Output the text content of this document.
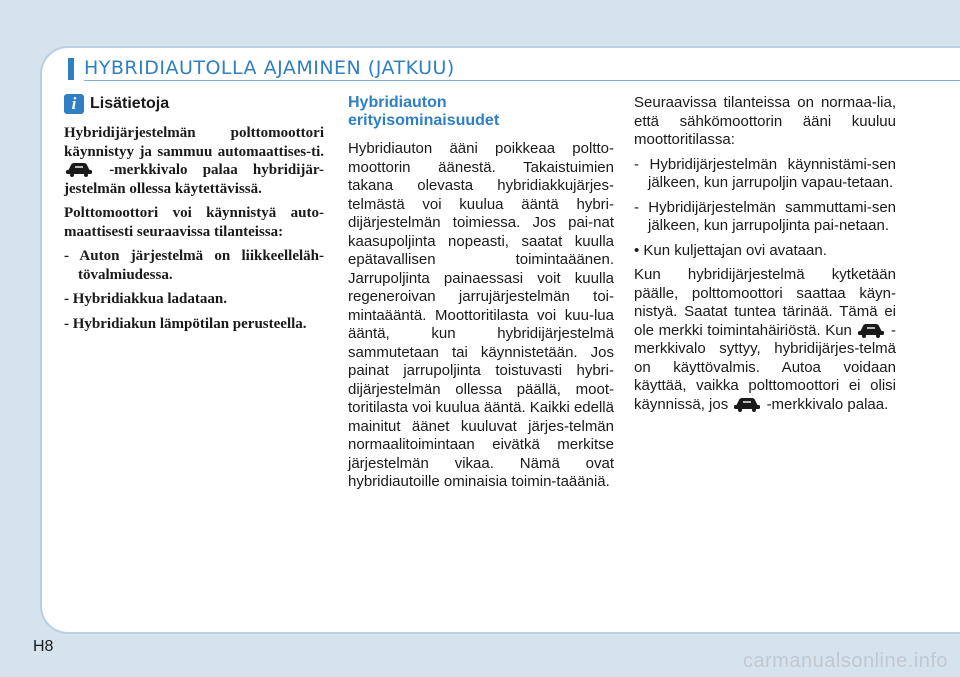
HYBRIDIAUTOLLA AJAMINEN (JATKUU)
i Lisätietoja

Hybridijärjestelmän polttomoottori käynnistyy ja sammuu automaattises-ti.  -merkkivalo palaa hybridijär-jestelmän ollessa käytettävissä.

Polttomoottori voi käynnistyä auto-maattisesti seuraavissa tilanteissa:

- Auton järjestelmä on liikkeelleläh-tövalmiudessa.
- Hybridiakkua ladataan.
- Hybridiakun lämpötilan perusteella.
Hybridiauton
erityisominaisuudet

Hybridiauton ääni poikkeaa poltto-moottorin äänestä. Takaistuimien takana olevasta hybridiakkujärjes-telmästä voi kuulua ääntä hybri-dijärjestelmän toimiessa. Jos pai-nat kaasupoljinta nopeasti, saatat kuulla epätavallisen toimintaäänen. Jarrupoljinta painaessasi voit kuulla regeneroivan jarrujärjestelmän toi-mintaääntä. Moottoritilasta voi kuu-lua ääntä, kun hybridijärjestelmä sammutetaan tai käynnistetään. Jos painat jarrupoljinta toistuvasti hybri-dijärjestelmän ollessa päällä, moot-toritilasta voi kuulua ääntä. Kaikki edellä mainitut äänet kuuluvat järjes-telmän normaalitoimintaan eivätkä merkitse järjestelmän vikaa. Nämä ovat hybridiautoille ominaisia toimin-taääniä.

Seuraavissa tilanteissa on normaa-lia, että sähkömoottorin ääni kuuluu moottoritilassa:

- Hybridijärjestelmän käynnistämi-sen jälkeen, kun jarrupoljin vapau-tetaan.
- Hybridijärjestelmän sammuttami-sen jälkeen, kun jarrupoljinta pai-netaan.
• Kun kuljettajan ovi avataan.

Kun hybridijärjestelmä kytketään päälle, polttomoottori saattaa käyn-nistyä. Saatat tuntea tärinää. Tämä ei ole merkki toimintahäiriöstä. Kun	-merkkivalo syttyy, hybridijärjes-telmä on käyttövalmis. Autoa voidaan käyttää, vaikka polttomoottori ei olisi käynnissä, jos	-merkkivalo palaa.

H8
carmanualsonline.info
